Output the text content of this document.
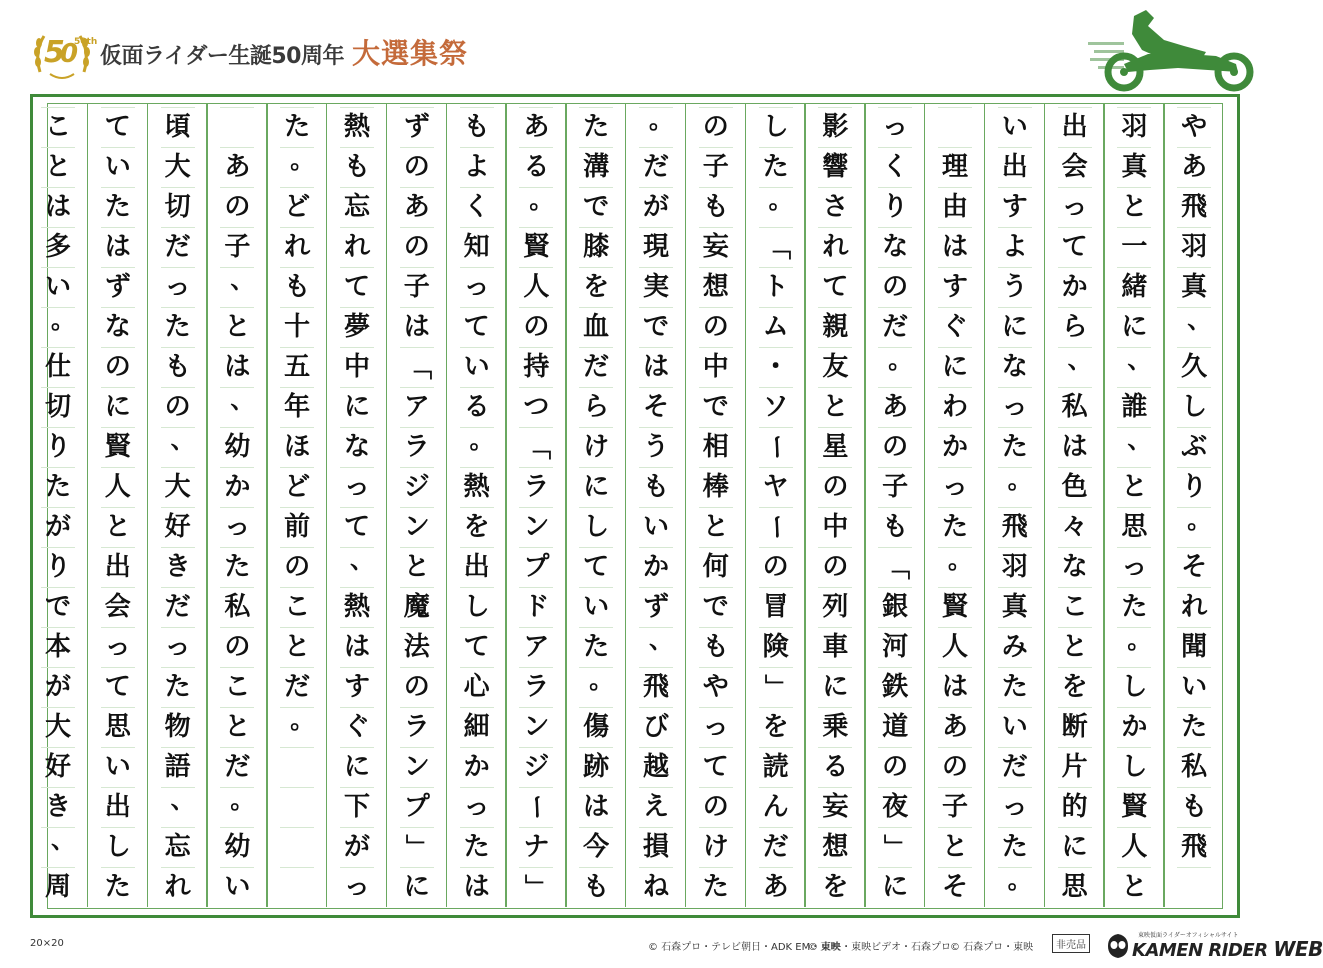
5
0
50th
仮面ライダー生誕50周年 大選集祭
や
あ
飛
羽
真
、
久
し
ぶ
り
。
そ
れ
聞
い
た
私
も
飛
羽
真
と
一
緒
に
、
誰
、
と
思
っ
た
。
し
か
し
賢
人
と
出
会
っ
て
か
ら
、
私
は
色
々
な
こ
と
を
断
片
的
に
思
い
出
す
よ
う
に
な
っ
た
。
飛
羽
真
み
た
い
だ
っ
た
。
理
由
は
す
ぐ
に
わ
か
っ
た
。
賢
人
は
あ
の
子
と
そ
っ
く
り
な
の
だ
。
あ
の
子
も
「
銀
河
鉄
道
の
夜
」
に
影
響
さ
れ
て
親
友
と
星
の
中
の
列
車
に
乗
る
妄
想
を
し
た
。
「
ト
ム
・
ソ
ー
ヤ
ー
の
冒
険
」
を
読
ん
だ
あ
の
子
も
妄
想
の
中
で
相
棒
と
何
で
も
や
っ
て
の
け
た
。
だ
が
現
実
で
は
そ
う
も
い
か
ず
、
飛
び
越
え
損
ね
た
溝
で
膝
を
血
だ
ら
け
に
し
て
い
た
。
傷
跡
は
今
も
あ
る
。
賢
人
の
持
つ
「
ラ
ン
プ
ド
ア
ラ
ン
ジ
ー
ナ
」
も
よ
く
知
っ
て
い
る
。
熱
を
出
し
て
心
細
か
っ
た
は
ず
の
あ
の
子
は
「
ア
ラ
ジ
ン
と
魔
法
の
ラ
ン
プ
」
に
熱
も
忘
れ
て
夢
中
に
な
っ
て
、
熱
は
す
ぐ
に
下
が
っ
た
。
ど
れ
も
十
五
年
ほ
ど
前
の
こ
と
だ
。
あ
の
子
、
と
は
、
幼
か
っ
た
私
の
こ
と
だ
。
幼
い
頃
大
切
だ
っ
た
も
の
、
大
好
き
だ
っ
た
物
語
、
忘
れ
て
い
た
は
ず
な
の
に
賢
人
と
出
会
っ
て
思
い
出
し
た
こ
と
は
多
い
。
仕
切
り
た
が
り
で
本
が
大
好
き
、
周
20×20	© 石森プロ・テレビ朝日・ADK EM・東映
© 東映・東映ビデオ・石森プロ © 石森プロ・東映	非売品
東映仮面ライダーオフィシャルサイト
KAMEN RIDER WEB
